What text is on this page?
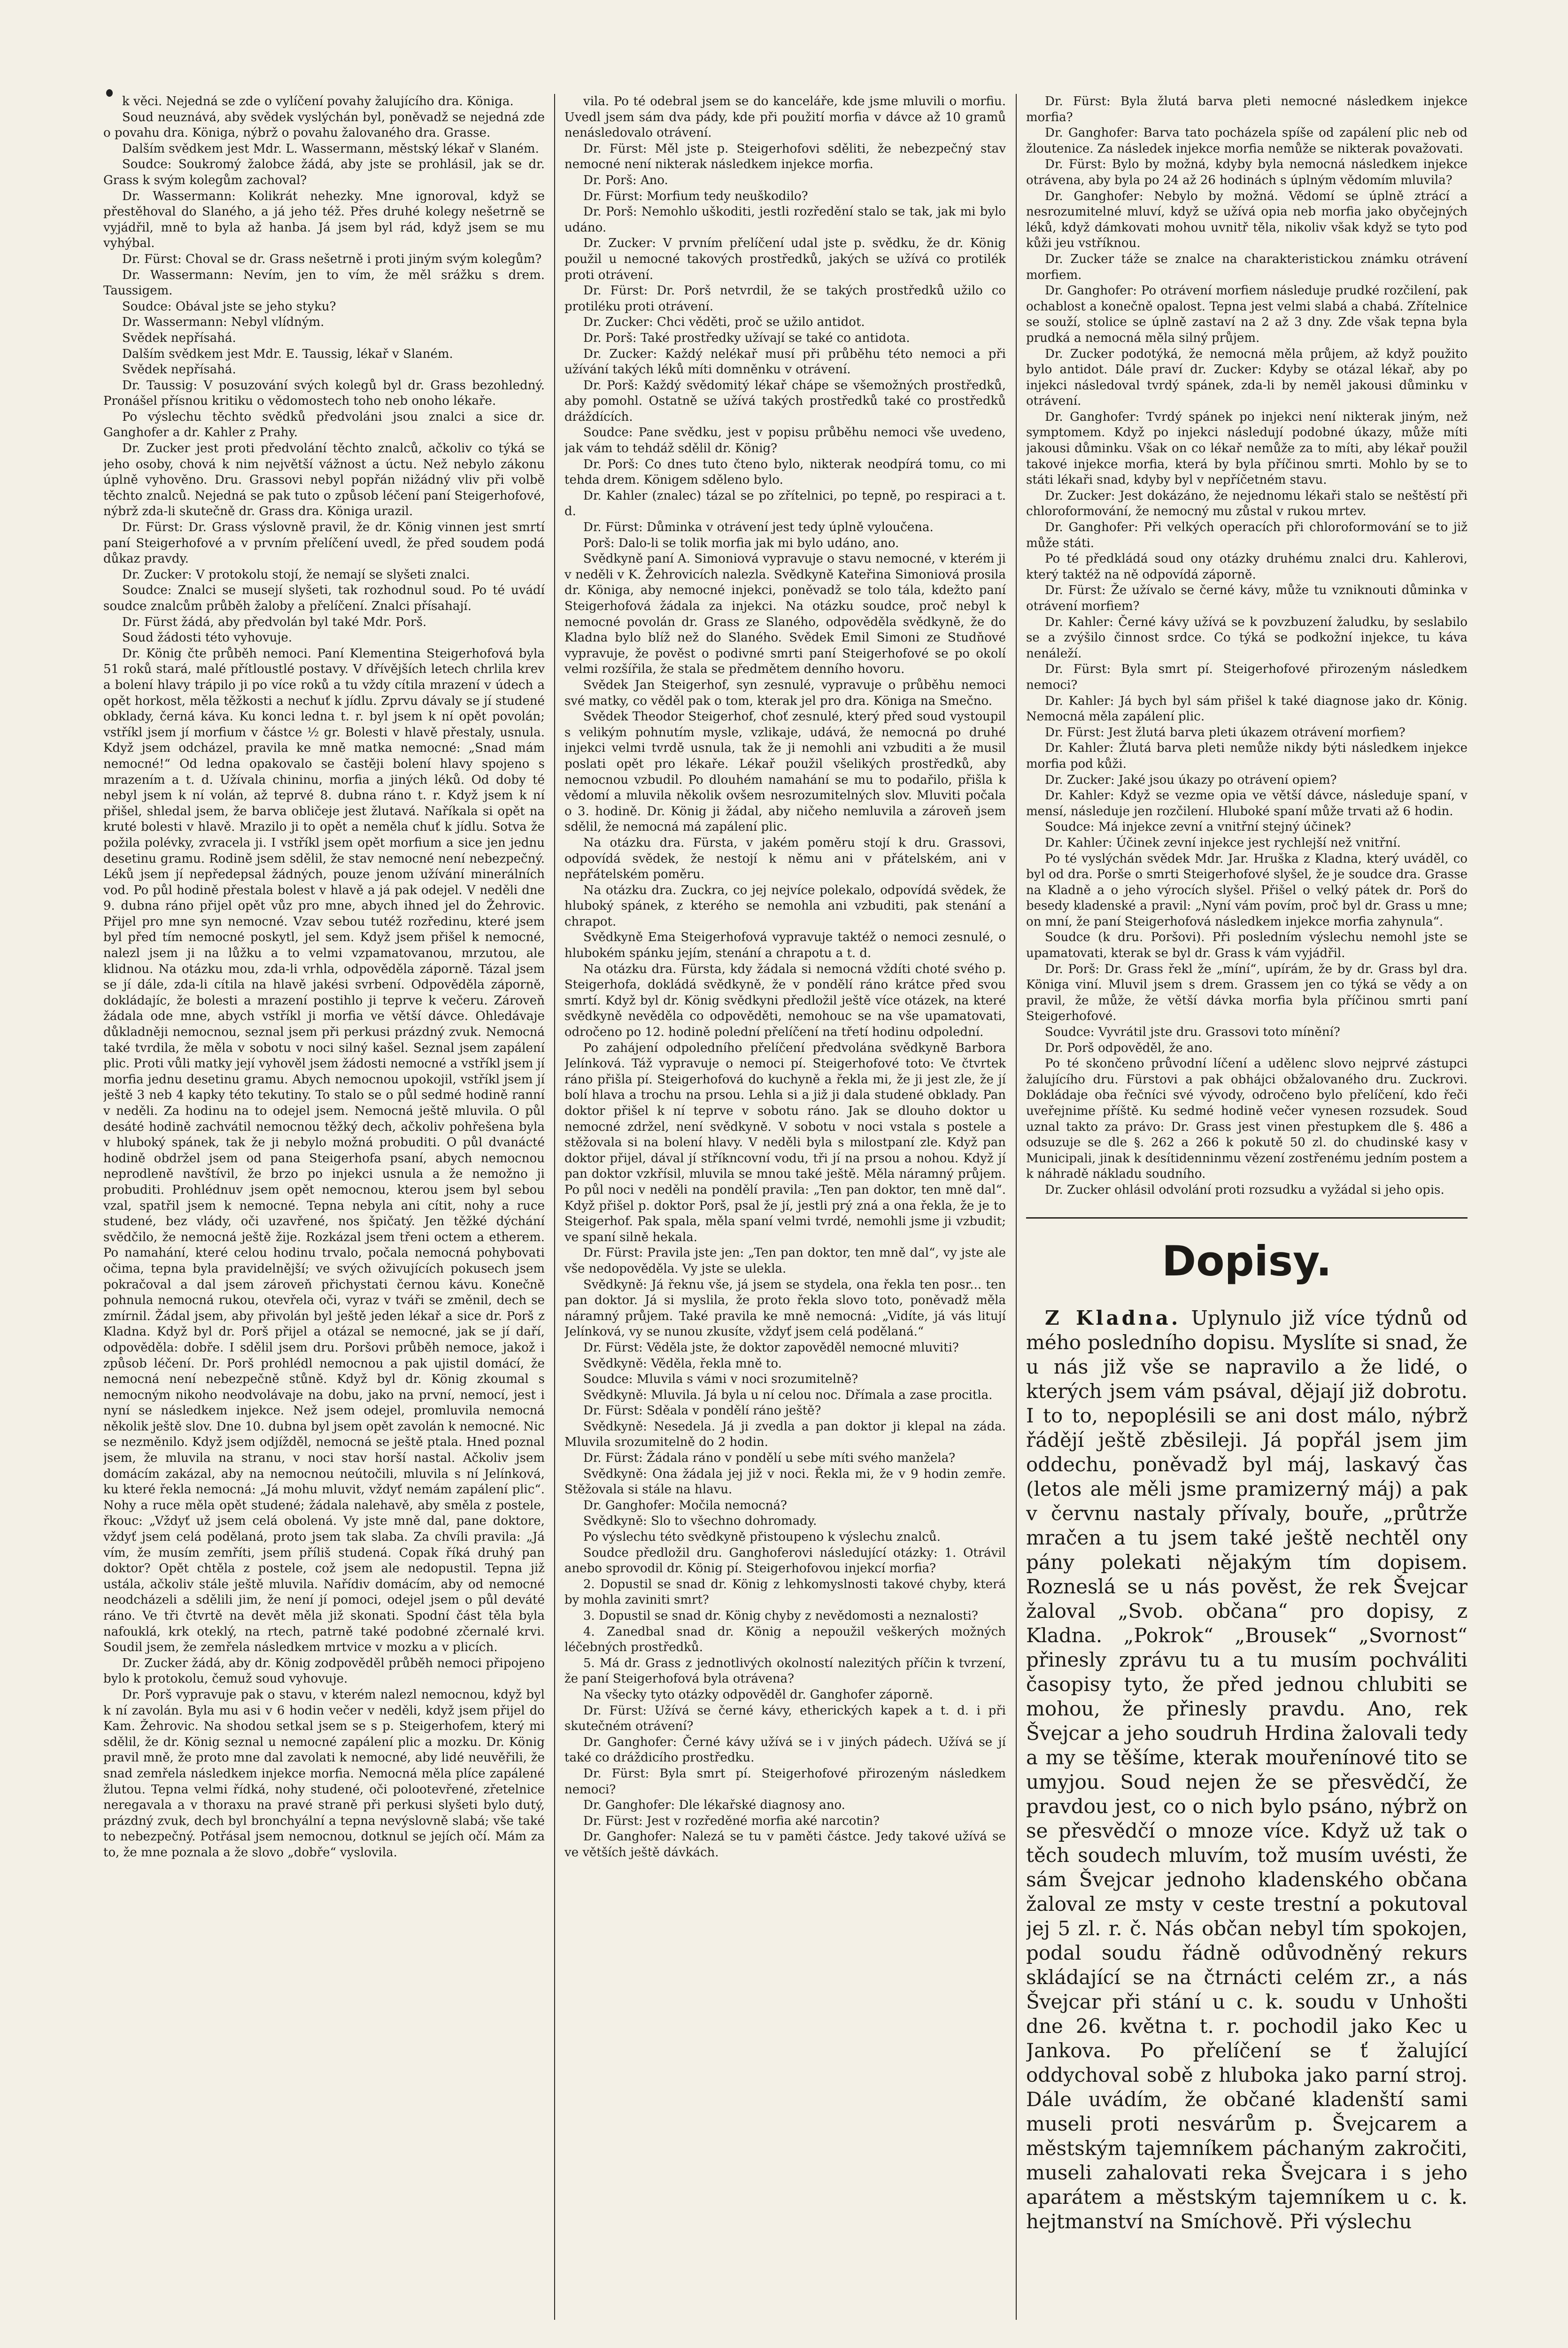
k věci. Nejedná se zde o vylíčení povahy žalujícího dra. Königa.

Soud neuznává, aby svědek vyslýchán byl, poněvadž se nejedná zde o povahu dra. Königa, nýbrž o povahu žalovaného dra. Grasse.

Dalším svědkem jest Mdr. L. Wassermann, městský lékař v Slaném.

Soudce: Soukromý žalobce žádá, aby jste se prohlásil, jak se dr. Grass k svým kolegům zachoval?

Dr. Wassermann: Kolikrát nehezky. Mne ignoroval, když se přestěhoval do Slaného, a já jeho též. Přes druhé kolegy nešetrně se vyjádřil, mně to byla až hanba. Já jsem byl rád, když jsem se mu vyhýbal.

Dr. Fürst: Choval se dr. Grass nešetrně i proti jiným svým kolegům?

Dr. Wassermann: Nevím, jen to vím, že měl srážku s drem. Taussigem.

Soudce: Obával jste se jeho styku?

Dr. Wassermann: Nebyl vlídným.

Svědek nepřísahá.

Dalším svědkem jest Mdr. E. Taussig, lékař v Slaném.

Svědek nepřísahá.

Dr. Taussig: V posuzování svých kolegů byl dr. Grass bezohledný. Pronášel přísnou kritiku o vědomostech toho neb onoho lékaře.

Po výslechu těchto svědků předvoláni jsou znalci a sice dr. Ganghofer a dr. Kahler z Prahy.

Dr. Zucker jest proti předvolání těchto znalců, ačkoliv co týká se jeho osoby, chová k nim největší vážnost a úctu. Než nebylo zákonu úplně vyhověno. Dru. Grassovi nebyl popřán nižádný vliv při volbě těchto znalců. Nejedná se pak tuto o způsob léčení paní Steigerhofové, nýbrž zda-li skutečně dr. Grass dra. Königa urazil.

Dr. Fürst: Dr. Grass výslovně pravil, že dr. König vinnen jest smrtí paní Steigerhofové a v prvním přelíčení uvedl, že před soudem podá důkaz pravdy.

Dr. Zucker: V protokolu stojí, že nemají se slyšeti znalci.

Soudce: Znalci se musejí slyšeti, tak rozhodnul soud. Po té uvádí soudce znalcům průběh žaloby a přelíčení. Znalci přísahají.

Dr. Fürst žádá, aby předvolán byl také Mdr. Porš.

Soud žádosti této vyhovuje.

Dr. König čte průběh nemoci. Paní Klementina Steigerhofová byla 51 roků stará, malé přítloustlé postavy. V dřívějších letech chrlila krev a bolení hlavy trápilo ji po více roků a tu vždy cítila mrazení v údech a opět horkost, měla těžkosti a nechuť k jídlu. Zprvu dávaly se jí studené obklady, černá káva. Ku konci ledna t. r. byl jsem k ní opět povolán; vstříkl jsem jí morfium v částce ½ gr. Bolesti v hlavě přestaly, usnula. Když jsem odcházel, pravila ke mně matka nemocné: „Snad mám nemocné!“ Od ledna opakovalo se častěji bolení hlavy spojeno s mrazením a t. d. Užívala chininu, morfia a jiných léků. Od doby té nebyl jsem k ní volán, až teprvé 8. dubna ráno t. r. Když jsem k ní přišel, shledal jsem, že barva obličeje jest žlutavá. Naříkala si opět na kruté bolesti v hlavě. Mrazilo ji to opět a neměla chuť k jídlu. Sotva že požila polévky, zvracela ji. I vstříkl jsem opět morfium a sice jen jednu desetinu gramu. Rodině jsem sdělil, že stav nemocné není nebezpečný. Léků jsem jí nepředepsal žádných, pouze jenom užívání minerálních vod. Po půl hodině přestala bolest v hlavě a já pak odejel. V neděli dne 9. dubna ráno přijel opět vůz pro mne, abych ihned jel do Žehrovic. Přijel pro mne syn nemocné. Vzav sebou tutéž rozředinu, které jsem byl před tím nemocné poskytl, jel sem. Když jsem přišel k nemocné, nalezl jsem ji na lůžku a to velmi vzpamatovanou, mrzutou, ale klidnou. Na otázku mou, zda-li vrhla, odpověděla záporně. Tázal jsem se jí dále, zda-li cítila na hlavě jakési svrbení. Odpověděla záporně, dokládajíc, že bolesti a mrazení postihlo ji teprve k večeru. Zároveň žádala ode mne, abych vstříkl ji morfia ve větší dávce. Ohledávaje důkladněji nemocnou, seznal jsem při perkusi prázdný zvuk. Nemocná také tvrdila, že měla v sobotu v noci silný kašel. Seznal jsem zapálení plic. Proti vůli matky její vyhověl jsem žádosti nemocné a vstříkl jsem jí morfia jednu desetinu gramu. Abych nemocnou upokojil, vstříkl jsem jí ještě 3 neb 4 kapky této tekutiny. To stalo se o půl sedmé hodině ranní v neděli. Za hodinu na to odejel jsem. Nemocná ještě mluvila. O půl desáté hodině zachvátil nemocnou těžký dech, ačkoliv pohřešena byla v hluboký spánek, tak že ji nebylo možná probuditi. O půl dvanácté hodině obdržel jsem od pana Steigerhofa psaní, abych nemocnou neprodleně navštívil, že brzo po injekci usnula a že nemožno ji probuditi. Prohlédnuv jsem opět nemocnou, kterou jsem byl sebou vzal, spatřil jsem k nemocné. Tepna nebyla ani cítit, nohy a ruce studené, bez vlády, oči uzavřené, nos špičatý. Jen těžké dýchání svědčilo, že nemocná ještě žije. Rozkázal jsem třeni octem a etherem. Po namahání, které celou hodinu trvalo, počala nemocná pohybovati očima, tepna byla pravidelnější; ve svých oživujících pokusech jsem pokračoval a dal jsem zároveň přichystati černou kávu. Konečně pohnula nemocná rukou, otevřela oči, vyraz v tváři se změnil, dech se zmírnil. Žádal jsem, aby přivolán byl ještě jeden lékař a sice dr. Porš z Kladna. Když byl dr. Porš přijel a otázal se nemocné, jak se jí daří, odpověděla: dobře. I sdělil jsem dru. Poršovi průběh nemoce, jakož i způsob léčení. Dr. Porš prohlédl nemocnou a pak ujistil domácí, že nemocná není nebezpečně stůně. Když byl dr. König zkoumal s nemocným nikoho neodvolávaje na dobu, jako na první, nemocí, jest i nyní se následkem injekce. Než jsem odejel, promluvila nemocná několik ještě slov. Dne 10. dubna byl jsem opět zavolán k nemocné. Nic se nezměnilo. Když jsem odjížděl, nemocná se ještě ptala. Hned poznal jsem, že mluvila na stranu, v noci stav horší nastal. Ačkoliv jsem domácím zakázal, aby na nemocnou neútočili, mluvila s ní Jelínková, ku které řekla nemocná: „Já mohu mluvit, vždyť nemám zapálení plic“. Nohy a ruce měla opět studené; žádala nalehavě, aby směla z postele, řkouc: „Vždyť už jsem celá obolená. Vy jste mně dal, pane doktore, vždyť jsem celá podělaná, proto jsem tak slaba. Za chvíli pravila: „Já vím, že musím zemříti, jsem příliš studená. Copak říká druhý pan doktor? Opět chtěla z postele, což jsem ale nedopustil. Tepna již ustála, ačkoliv stále ještě mluvila. Nařídiv domácím, aby od nemocné neodcházeli a sdělili jim, že není jí pomoci, odejel jsem o půl deváté ráno. Ve tři čtvrtě na devět měla již skonati. Spodní část těla byla nafouklá, krk oteklý, na rtech, patrně také podobné zčernalé krvi. Soudil jsem, že zemřela následkem mrtvice v mozku a v plicích.

Dr. Zucker žádá, aby dr. König zodpověděl průběh nemoci připojeno bylo k protokolu, čemuž soud vyhovuje.

Dr. Porš vypravuje pak o stavu, v kterém nalezl nemocnou, když byl k ní zavolán. Byla mu asi v 6 hodin večer v neděli, když jsem přijel do Kam. Žehrovic. Na shodou setkal jsem se s p. Steigerhofem, který mi sdělil, že dr. König seznal u nemocné zapálení plic a mozku. Dr. König pravil mně, že proto mne dal zavolati k nemocné, aby lidé neuvěřili, že snad zemřela následkem injekce morfia. Nemocná měla plíce zapálené žlutou. Tepna velmi řídká, nohy studené, oči polootevřené, zřetelnice neregavala a v thoraxu na pravé straně při perkusi slyšeti bylo dutý, prázdný zvuk, dech byl bronchyální a tepna nevýslovně slabá; vše také to nebezpečný. Potřásal jsem nemocnou, dotknul se jejích očí. Mám za to, že mne poznala a že slovo „dobře“ vyslovila.

vila. Po té odebral jsem se do kanceláře, kde jsme mluvili o morfiu. Uvedl jsem sám dva pády, kde při použití morfia v dávce až 10 gramů nenásledovalo otrávení.

Dr. Fürst: Měl jste p. Steigerhofovi sděliti, že nebezpečný stav nemocné není nikterak následkem injekce morfia.

Dr. Porš: Ano.

Dr. Fürst: Morfium tedy neuškodilo?

Dr. Porš: Nemohlo uškoditi, jestli rozředění stalo se tak, jak mi bylo udáno.

Dr. Zucker: V prvním přelíčení udal jste p. svědku, že dr. König použil u nemocné takových prostředků, jakých se užívá co protilék proti otrávení.

Dr. Fürst: Dr. Porš netvrdil, že se takých prostředků užilo co protiléku proti otrávení.

Dr. Zucker: Chci věděti, proč se užilo antidot.

Dr. Porš: Také prostředky užívají se také co antidota.

Dr. Zucker: Každý nelékař musí při průběhu této nemoci a při užívání takých léků míti domněnku v otrávení.

Dr. Porš: Každý svědomitý lékař chápe se všemožných prostředků, aby pomohl. Ostatně se užívá takých prostředků také co prostředků dráždících.

Soudce: Pane svědku, jest v popisu průběhu nemoci vše uvedeno, jak vám to tehdáž sdělil dr. König?

Dr. Porš: Co dnes tuto čteno bylo, nikterak neodpírá tomu, co mi tehda drem. Königem sděleno bylo.

Dr. Kahler (znalec) tázal se po zřítelnici, po tepně, po respiraci a t. d.

Dr. Fürst: Důminka v otrávení jest tedy úplně vyloučena.

Porš: Dalo-li se tolik morfia jak mi bylo udáno, ano.

Svědkyně paní A. Simoniová vypravuje o stavu nemocné, v kterém ji v neděli v K. Žehrovicích nalezla. Svědkyně Kateřina Simoniová prosila dr. Königa, aby nemocné injekci, poněvadž se tolo tála, kdežto paní Steigerhofová žádala za injekci. Na otázku soudce, proč nebyl k nemocné povolán dr. Grass ze Slaného, odpověděla svědkyně, že do Kladna bylo blíž než do Slaného. Svědek Emil Simoni ze Studňové vypravuje, že pověst o podivné smrti paní Steigerhofové se po okolí velmi rozšířila, že stala se předmětem denního hovoru.

Svědek Jan Steigerhof, syn zesnulé, vypravuje o průběhu nemoci své matky, co věděl pak o tom, kterak jel pro dra. Königa na Smečno.

Svědek Theodor Steigerhof, choť zesnulé, který před soud vystoupil s velikým pohnutím mysle, vzlikaje, udává, že nemocná po druhé injekci velmi tvrdě usnula, tak že ji nemohli ani vzbuditi a že musil poslati opět pro lékaře. Lékař použil všelikých prostředků, aby nemocnou vzbudil. Po dlouhém namahání se mu to podařilo, přišla k vědomí a mluvila několik ovšem nesrozumitelných slov. Mluviti počala o 3. hodině. Dr. König ji žádal, aby ničeho nemluvila a zároveň jsem sdělil, že nemocná má zapálení plic.

Na otázku dra. Fürsta, v jakém poměru stojí k dru. Grassovi, odpovídá svědek, že nestojí k němu ani v přátelském, ani v nepřátelském poměru.

Na otázku dra. Zuckra, co jej nejvíce polekalo, odpovídá svědek, že hluboký spánek, z kterého se nemohla ani vzbuditi, pak stenání a chrapot.

Svědkyně Ema Steigerhofová vypravuje taktéž o nemoci zesnulé, o hlubokém spánku jejím, stenání a chrapotu a t. d.

Na otázku dra. Fürsta, kdy žádala si nemocná vždíti choté svého p. Steigerhofa, dokládá svědkyně, že v pondělí ráno krátce před svou smrtí. Když byl dr. König svědkyni předložil ještě více otázek, na které svědkyně nevěděla co odpověděti, nemohouc se na vše upamatovati, odročeno po 12. hodině polední přelíčení na třetí hodinu odpolední.

Po zahájení odpoledního přelíčení předvolána svědkyně Barbora Jelínková. Táž vypravuje o nemoci pí. Steigerhofové toto: Ve čtvrtek ráno přišla pí. Steigerhofová do kuchyně a řekla mi, že ji jest zle, že jí bolí hlava a trochu na prsou. Lehla si a již ji dala studené obklady. Pan doktor přišel k ní teprve v sobotu ráno. Jak se dlouho doktor u nemocné zdržel, není svědkyně. V sobotu v noci vstala s postele a stěžovala si na bolení hlavy. V neděli byla s milostpaní zle. Když pan doktor přijel, dával jí stříkncovní vodu, tři jí na prsou a nohou. Když jí pan doktor vzkřísil, mluvila se mnou také ještě. Měla náramný průjem. Po půl noci v neděli na pondělí pravila: „Ten pan doktor, ten mně dal“. Když přišel p. doktor Porš, psal že jí, jestli prý zná a ona řekla, že je to Steigerhof. Pak spala, měla spaní velmi tvrdé, nemohli jsme ji vzbudit; ve spaní silně hekala.

Dr. Fürst: Pravila jste jen: „Ten pan doktor, ten mně dal“, vy jste ale vše nedopověděla. Vy jste se ulekla.

Svědkyně: Já řeknu vše, já jsem se stydela, ona řekla ten posr... ten pan doktor. Já si myslila, že proto řekla slovo toto, poněvadž měla náramný průjem. Také pravila ke mně nemocná: „Vidíte, já vás litují Jelínková, vy se nunou zkusíte, vždyť jsem celá podělaná.“

Dr. Fürst: Věděla jste, že doktor zapověděl nemocné mluviti?

Svědkyně: Věděla, řekla mně to.

Soudce: Mluvila s vámi v noci srozumitelně?

Svědkyně: Mluvila. Já byla u ní celou noc. Dřímala a zase procitla.

Dr. Fürst: Sděala v pondělí ráno ještě?

Svědkyně: Nesedela. Já ji zvedla a pan doktor ji klepal na záda. Mluvila srozumitelně do 2 hodin.

Dr. Fürst: Žádala ráno v pondělí u sebe míti svého manžela?

Svědkyně: Ona žádala jej již v noci. Řekla mi, že v 9 hodin zemře. Stěžovala si stále na hlavu.

Dr. Ganghofer: Močila nemocná?

Svědkyně: Slo to všechno dohromady.

Po výslechu této svědkyně přistoupeno k výslechu znalců.

Soudce předložil dru. Ganghoferovi následující otázky: 1. Otrávil anebo sprovodil dr. König pí. Steigerhofovou injekcí morfia?

2. Dopustil se snad dr. König z lehkomyslnosti takové chyby, která by mohla zaviniti smrt?

3. Dopustil se snad dr. König chyby z nevědomosti a neznalosti?

4. Zanedbal snad dr. König a nepoužil veškerých možných léčebných prostředků.

5. Má dr. Grass z jednotlivých okolností nalezitých příčin k tvrzení, že paní Steigerhofová byla otrávena?

Na všecky tyto otázky odpověděl dr. Ganghofer záporně.

Dr. Fürst: Užívá se černé kávy, etherických kapek a t. d. i při skutečném otrávení?

Dr. Ganghofer: Černé kávy užívá se i v jiných pádech. Užívá se jí také co dráždicího prostředku.

Dr. Fürst: Byla smrt pí. Steigerhofové přirozeným následkem nemoci?

Dr. Ganghofer: Dle lékařské diagnosy ano.

Dr. Fürst: Jest v rozředěné morfia aké narcotin?

Dr. Ganghofer: Nalezá se tu v paměti částce. Jedy takové užívá se ve větších ještě dávkách.

Dr. Fürst: Byla žlutá barva pleti nemocné následkem injekce morfia?

Dr. Ganghofer: Barva tato pocházela spíše od zapálení plic neb od žloutenice. Za následek injekce morfia nemůže se nikterak považovati.

Dr. Fürst: Bylo by možná, kdyby byla nemocná následkem injekce otrávena, aby byla po 24 až 26 hodinách s úplným vědomím mluvila?

Dr. Ganghofer: Nebylo by možná. Vědomí se úplně ztrácí a nesrozumitelné mluví, když se užívá opia neb morfia jako obyčejných léků, když dámkovati mohou uvnitř těla, nikoliv však když se tyto pod kůži jeu vstříknou.

Dr. Zucker táže se znalce na charakteristickou známku otrávení morfiem.

Dr. Ganghofer: Po otrávení morfiem následuje prudké rozčilení, pak ochablost a konečně opalost. Tepna jest velmi slabá a chabá. Zřítelnice se souží, stolice se úplně zastaví na 2 až 3 dny. Zde však tepna byla prudká a nemocná měla silný průjem.

Dr. Zucker podotýká, že nemocná měla průjem, až když použito bylo antidot. Dále praví dr. Zucker: Kdyby se otázal lékař, aby po injekci následoval tvrdý spánek, zda-li by neměl jakousi důminku v otrávení.

Dr. Ganghofer: Tvrdý spánek po injekci není nikterak jiným, než symptomem. Když po injekci následují podobné úkazy, může míti jakousi důminku. Však on co lékař nemůže za to míti, aby lékař použil takové injekce morfia, která by byla příčinou smrti. Mohlo by se to státi lékaři snad, kdyby byl v nepříčetném stavu.

Dr. Zucker: Jest dokázáno, že nejednomu lékaři stalo se neštěstí při chloroformování, že nemocný mu zůstal v rukou mrtev.

Dr. Ganghofer: Při velkých operacích při chloroformování se to již může státi.

Po té předkládá soud ony otázky druhému znalci dru. Kahlerovi, který taktéž na ně odpovídá záporně.

Dr. Fürst: Že užívalo se černé kávy, může tu vzniknouti důminka v otrávení morfiem?

Dr. Kahler: Černé kávy užívá se k povzbuzení žaludku, by seslabilo se a zvýšilo činnost srdce. Co týká se podkožní injekce, tu káva nenáleží.

Dr. Fürst: Byla smrt pí. Steigerhofové přirozeným následkem nemoci?

Dr. Kahler: Já bych byl sám přišel k také diagnose jako dr. König. Nemocná měla zapálení plic.

Dr. Fürst: Jest žlutá barva pleti úkazem otrávení morfiem?

Dr. Kahler: Žlutá barva pleti nemůže nikdy býti následkem injekce morfia pod kůži.

Dr. Zucker: Jaké jsou úkazy po otrávení opiem?

Dr. Kahler: Když se vezme opia ve větší dávce, následuje spaní, v mensí, následuje jen rozčilení. Hluboké spaní může trvati až 6 hodin.

Soudce: Má injekce zevní a vnitřní stejný účinek?

Dr. Kahler: Účinek zevní injekce jest rychlejší než vnitřní.

Po té vyslýchán svědek Mdr. Jar. Hruška z Kladna, který uváděl, co byl od dra. Porše o smrti Steigerhofové slyšel, že je soudce dra. Grasse na Kladně a o jeho výrocích slyšel. Přišel o velký pátek dr. Porš do besedy kladenské a pravil: „Nyní vám povím, proč byl dr. Grass u mne; on mní, že paní Steigerhofová následkem injekce morfia zahynula“.

Soudce (k dru. Poršovi). Při posledním výslechu nemohl jste se upamatovati, kterak se byl dr. Grass k vám vyjádřil.

Dr. Porš: Dr. Grass řekl že „míní“, upírám, že by dr. Grass byl dra. Königa viní. Mluvil jsem s drem. Grassem jen co týká se vědy a on pravil, že může, že větší dávka morfia byla příčinou smrti paní Steigerhofové.

Soudce: Vyvrátil jste dru. Grassovi toto mínění?

Dr. Porš odpověděl, že ano.

Po té skončeno průvodní líčení a udělenc slovo nejprvé zástupci žalujícího dru. Fürstovi a pak obhájci obžalovaného dru. Zuckrovi. Dokládaje oba řečníci své vývody, odročeno bylo přelíčení, kdo řeči uveřejnime příště. Ku sedmé hodině večer vynesen rozsudek. Soud uznal takto za právo: Dr. Grass jest vinen přestupkem dle §. 486 a odsuzuje se dle §. 262 a 266 k pokutě 50 zl. do chudinské kasy v Municipali, jinak k desítidenninmu vězení zostřenému jedním postem a k náhradě nákladu soudního.

Dr. Zucker ohlásil odvolání proti rozsudku a vyžádal si jeho opis.

Dopisy.

Z Kladna. Uplynulo již více týdnů od mého posledního dopisu. Myslíte si snad, že u nás již vše se napravilo a že lidé, o kterých jsem vám psával, dějají již dobrotu. I to to, nepoplésili se ani dost málo, nýbrž řádějí ještě zběsileji. Já popřál jsem jim oddechu, poněvadž byl máj, laskavý čas (letos ale měli jsme pramizerný máj) a pak v červnu nastaly přívaly, bouře, „průtrže mračen a tu jsem také ještě nechtěl ony pány polekati nějakým tím dopisem. Rozneslá se u nás pověst, že rek Švejcar žaloval „Svob. občana“ pro dopisy, z Kladna. „Pokrok“ „Brousek“ „Svornost“ přinesly zprávu tu a tu musím pochváliti časopisy tyto, že před jednou chlubiti se mohou, že přinesly pravdu. Ano, rek Švejcar a jeho soudruh Hrdina žalovali tedy a my se těšíme, kterak mouřenínové tito se umyjou. Soud nejen že se přesvědčí, že pravdou jest, co o nich bylo psáno, nýbrž on se přesvědčí o mnoze více. Když už tak o těch soudech mluvím, tož musím uvésti, že sám Švejcar jednoho kladenského občana žaloval ze msty v ceste trestní a pokutoval jej 5 zl. r. č. Nás občan nebyl tím spokojen, podal soudu řádně odůvodněný rekurs skládající se na čtrnácti celém zr., a nás Švejcar při stání u c. k. soudu v Unhošti dne 26. května t. r. pochodil jako Kec u Jankova. Po přelíčení se ť žalující oddychoval sobě z hluboka jako parní stroj. Dále uvádím, že občané kladenští sami museli proti nesvárům p. Švejcarem a městským tajemníkem páchaným zakročiti, museli zahalovati reka Švejcara i s jeho aparátem a městským tajemníkem u c. k. hejtmanství na Smíchově. Při výslechu
